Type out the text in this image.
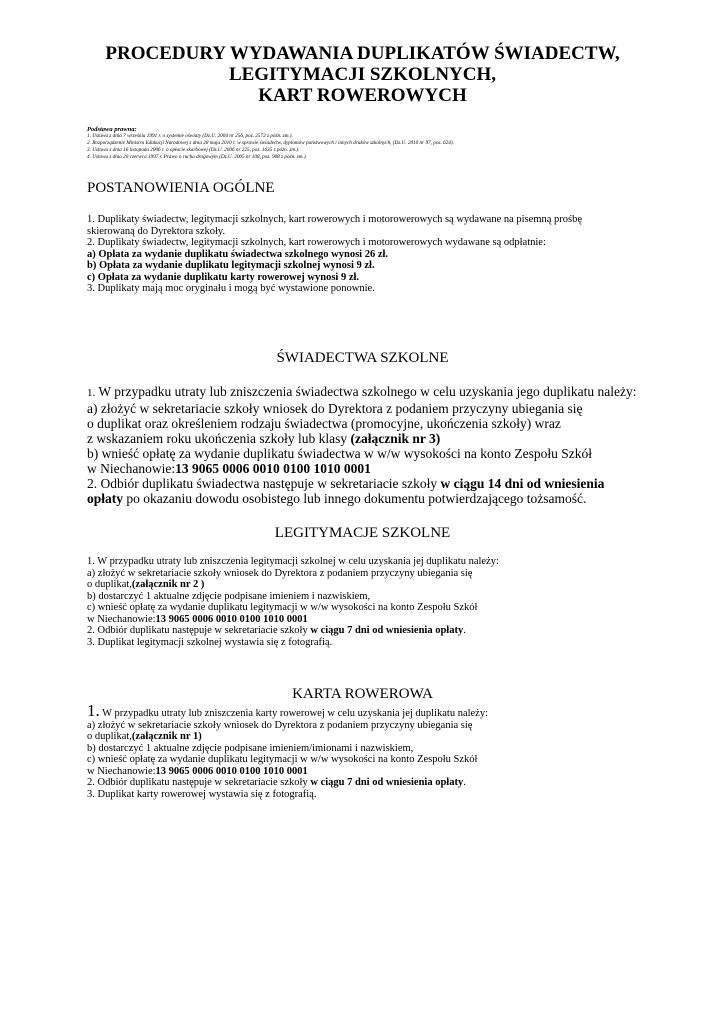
PROCEDURY WYDAWANIA DUPLIKATÓW ŚWIADECTW,
LEGITYMACJI SZKOLNYCH,
KART ROWEROWYCH
Podstawa prawna:
1. Ustawa z dnia 7 września 1991 r. o systemie oświaty (Dz.U. 2004 nr 256, poz. 2572 z późn. zm.).
2. Rozporządzenie Ministra Edukacji Narodowej z dnia 28 maja 2010 r. w sprawie świadectw, dyplomów państwowych i innych druków szkolnych, (Dz.U. 2010 nr 97, poz. 624).
3. Ustawa z dnia 16 listopada 2006 r. o opłacie skarbowej (Dz.U. 2006 nr 225, poz. 1635 z późn. zm.).
4. Ustawa z dnia 20 czerwca 1997 r. Prawo o ruchu drogowym (Dz.U. 2005 nr 108, poz. 908 z późn. zm.).
POSTANOWIENIA OGÓLNE
1. Duplikaty świadectw, legitymacji szkolnych, kart rowerowych i motorowerowych są wydawane na pisemną prośbę
skierowaną do Dyrektora szkoły.
2. Duplikaty świadectw, legitymacji szkolnych, kart rowerowych i motorowerowych wydawane są odpłatnie:
a) Opłata za wydanie duplikatu świadectwa szkolnego wynosi 26 zł.
b) Opłata za wydanie duplikatu legitymacji szkolnej wynosi 9 zł.
c) Opłata za wydanie duplikatu karty rowerowej wynosi 9 zł.
3. Duplikaty mają moc oryginału i mogą być wystawione ponownie.
ŚWIADECTWA SZKOLNE
1. W przypadku utraty lub zniszczenia świadectwa szkolnego w celu uzyskania jego duplikatu należy:
a) złożyć w sekretariacie szkoły wniosek do Dyrektora z podaniem przyczyny ubiegania się
o duplikat oraz określeniem rodzaju świadectwa (promocyjne, ukończenia szkoły) wraz
z wskazaniem roku ukończenia szkoły lub klasy (załącznik nr 3)
b) wnieść opłatę za wydanie duplikatu świadectwa w w/w wysokości na konto Zespołu Szkół
w Niechanowie:13 9065 0006 0010 0100 1010 0001
2. Odbiór duplikatu świadectwa następuje w sekretariacie szkoły w ciągu 14 dni od wniesienia
opłaty po okazaniu dowodu osobistego lub innego dokumentu potwierdzającego tożsamość.
LEGITYMACJE SZKOLNE
1. W przypadku utraty lub zniszczenia legitymacji szkolnej w celu uzyskania jej duplikatu należy:
a) złożyć w sekretariacie szkoły wniosek do Dyrektora z podaniem przyczyny ubiegania się
o duplikat,(załącznik nr 2 )
b) dostarczyć 1 aktualne zdjęcie podpisane imieniem i nazwiskiem,
c) wnieść opłatę za wydanie duplikatu legitymacji w w/w wysokości na konto Zespołu Szkół
w Niechanowie:13 9065 0006 0010 0100 1010 0001
2. Odbiór duplikatu następuje w sekretariacie szkoły w ciągu 7 dni od wniesienia opłaty.
3. Duplikat legitymacji szkolnej wystawia się z fotografią.
KARTA ROWEROWA
1. W przypadku utraty lub zniszczenia karty rowerowej w celu uzyskania jej duplikatu należy:
a) złożyć w sekretariacie szkoły wniosek do Dyrektora z podaniem przyczyny ubiegania się
o duplikat,(załącznik nr 1)
b) dostarczyć 1 aktualne zdjęcie podpisane imieniem/imionami i nazwiskiem,
c) wnieść opłatę za wydanie duplikatu legitymacji w w/w wysokości na konto Zespołu Szkół
w Niechanowie:13 9065 0006 0010 0100 1010 0001
2. Odbiór duplikatu następuje w sekretariacie szkoły w ciągu 7 dni od wniesienia opłaty.
3. Duplikat karty rowerowej wystawia się z fotografią.
